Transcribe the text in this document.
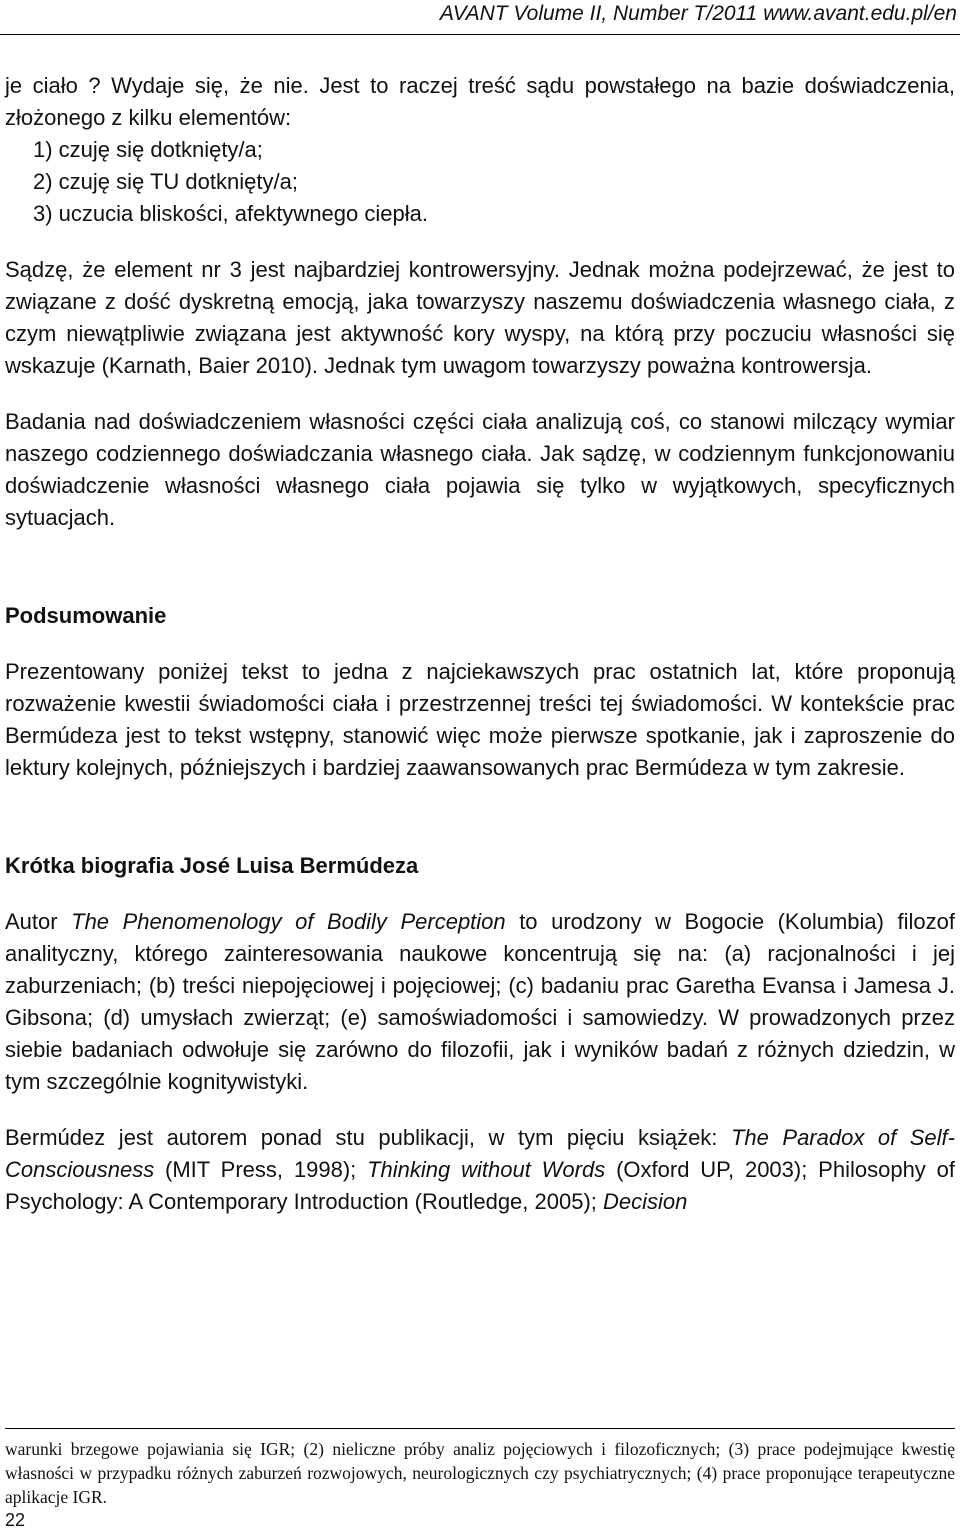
AVANT Volume II, Number T/2011 www.avant.edu.pl/en

je ciało ? Wydaje się, że nie. Jest to raczej treść sądu powstałego na bazie doświadczenia, złożonego z kilku elementów:

1) czuję się dotknięty/a;
2) czuję się TU dotknięty/a;
3) uczucia bliskości, afektywnego ciepła.

Sądzę, że element nr 3 jest najbardziej kontrowersyjny. Jednak można podejrzewać, że jest to związane z dość dyskretną emocją, jaka towarzyszy naszemu doświadczenia własnego ciała, z czym niewątpliwie związana jest aktywność kory wyspy, na którą przy poczuciu własności się wskazuje (Karnath, Baier 2010). Jednak tym uwagom towarzyszy poważna kontrowersja.

Badania nad doświadczeniem własności części ciała analizują coś, co stanowi milczący wymiar naszego codziennego doświadczania własnego ciała. Jak sądzę, w codziennym funkcjonowaniu doświadczenie własności własnego ciała pojawia się tylko w wyjątkowych, specyficznych sytuacjach.

Podsumowanie

Prezentowany poniżej tekst to jedna z najciekawszych prac ostatnich lat, które proponują rozważenie kwestii świadomości ciała i przestrzennej treści tej świadomości. W kontekście prac Bermúdeza jest to tekst wstępny, stanowić więc może pierwsze spotkanie, jak i zaproszenie do lektury kolejnych, późniejszych i bardziej zaawansowanych prac Bermúdeza w tym zakresie.

Krótka biografia José Luisa Bermúdeza

Autor The Phenomenology of Bodily Perception to urodzony w Bogocie (Kolumbia) filozof analityczny, którego zainteresowania naukowe koncentrują się na: (a) racjonalności i jej zaburzeniach; (b) treści niepojęciowej i pojęciowej; (c) badaniu prac Garetha Evansa i Jamesa J. Gibsona; (d) umysłach zwierząt; (e) samoświadomości i samowiedzy. W prowadzonych przez siebie badaniach odwołuje się zarówno do filozofii, jak i wyników badań z różnych dziedzin, w tym szczególnie kognitywistyki.

Bermúdez jest autorem ponad stu publikacji, w tym pięciu książek: The Paradox of Self-Consciousness (MIT Press, 1998); Thinking without Words (Oxford UP, 2003); Philosophy of Psychology: A Contemporary Introduction (Routledge, 2005); Decision

warunki brzegowe pojawiania się IGR; (2) nieliczne próby analiz pojęciowych i filozoficznych; (3) prace podejmujące kwestię własności w przypadku różnych zaburzeń rozwojowych, neurologicznych czy psychiatrycznych; (4) prace proponujące terapeutyczne aplikacje IGR.
22
